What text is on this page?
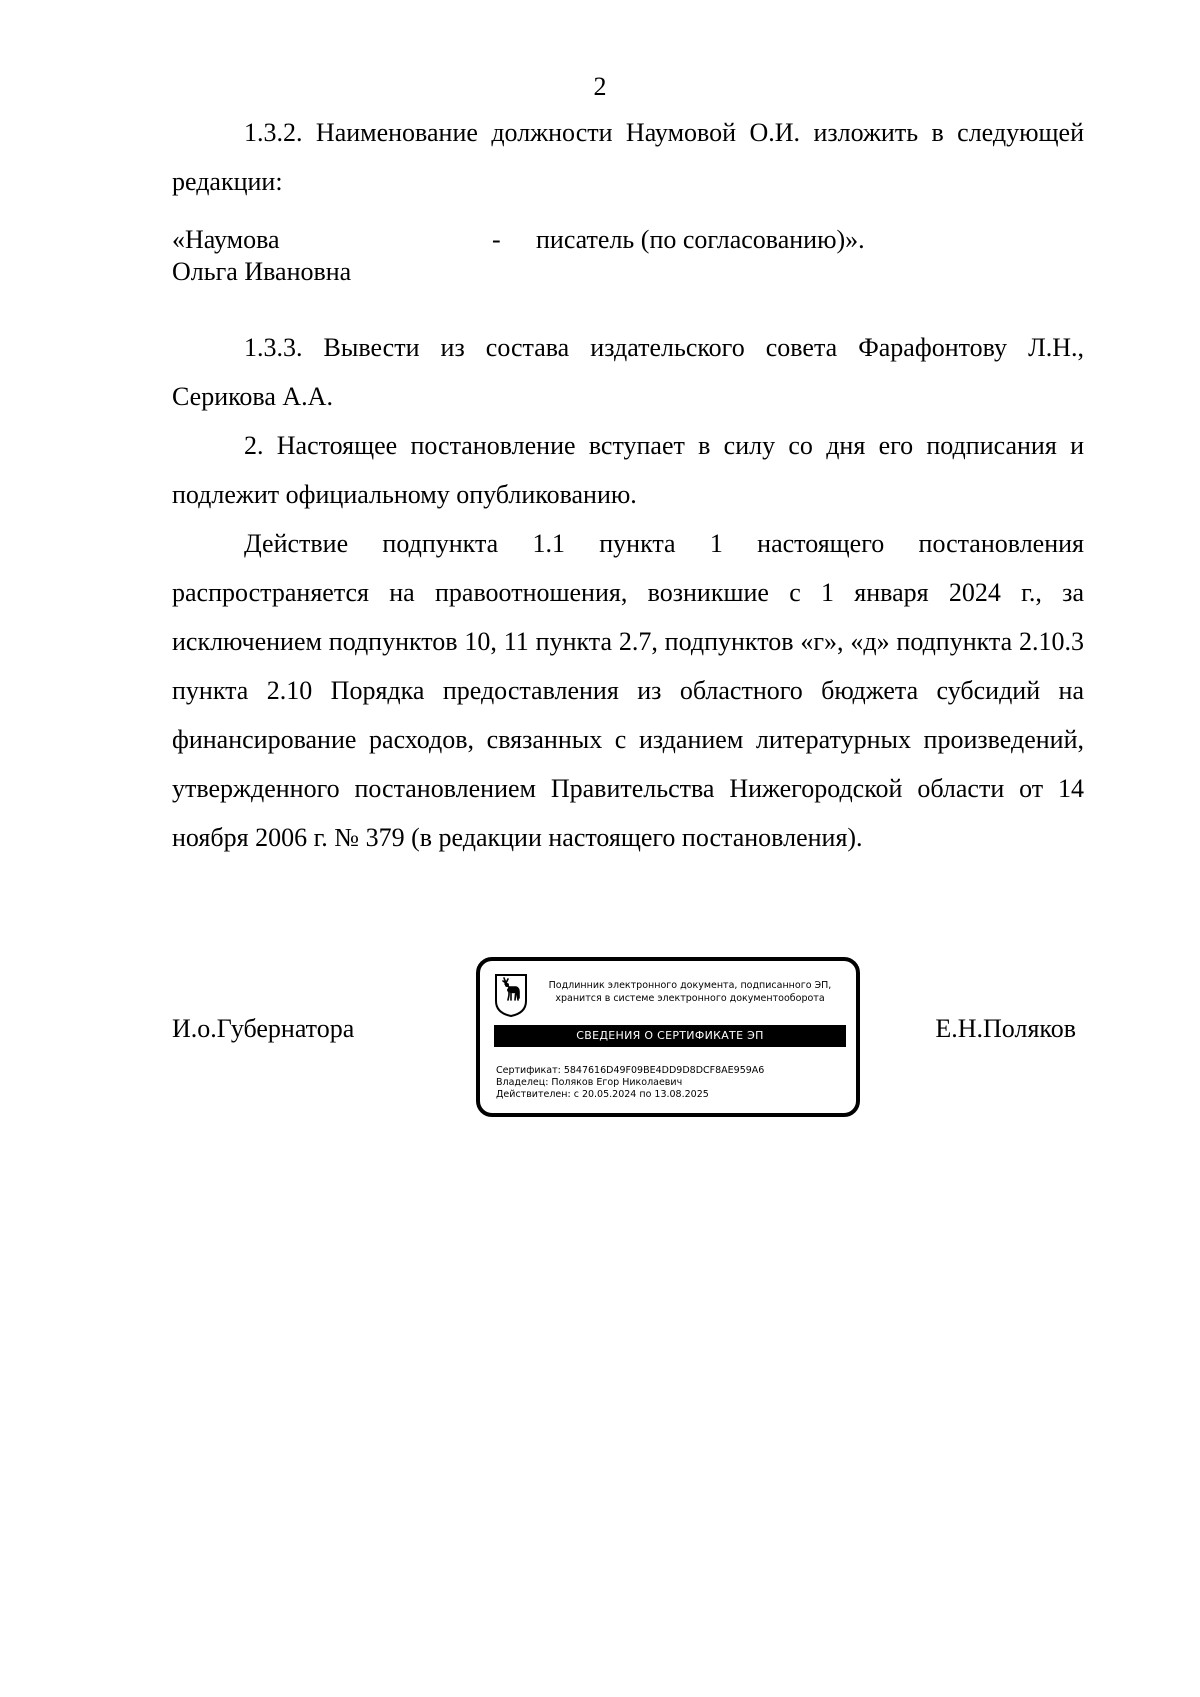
2

1.3.2. Наименование должности Наумовой О.И. изложить в следующей редакции:

«Наумова
Ольга Ивановна
- писатель (по согласованию)».

1.3.3. Вывести из состава издательского совета Фарафонтову Л.Н., Серикова А.А.

2. Настоящее постановление вступает в силу со дня его подписания и подлежит официальному опубликованию.

Действие подпункта 1.1 пункта 1 настоящего постановления распространяется на правоотношения, возникшие с 1 января 2024 г., за исключением подпунктов 10, 11 пункта 2.7, подпунктов «г», «д» подпункта 2.10.3 пункта 2.10 Порядка предоставления из областного бюджета субсидий на финансирование расходов, связанных с изданием литературных произведений, утвержденного постановлением Правительства Нижегородской области от 14 ноября 2006 г. № 379 (в редакции настоящего постановления).

И.о.Губернатора	Е.Н.Поляков
Подлинник электронного документа, подписанного ЭП,
хранится в системе электронного документооборота
СВЕДЕНИЯ О СЕРТИФИКАТЕ ЭП
Сертификат: 5847616D49F09BE4DD9D8DCF8AE959A6
Владелец: Поляков Егор Николаевич
Действителен: с 20.05.2024 по 13.08.2025
